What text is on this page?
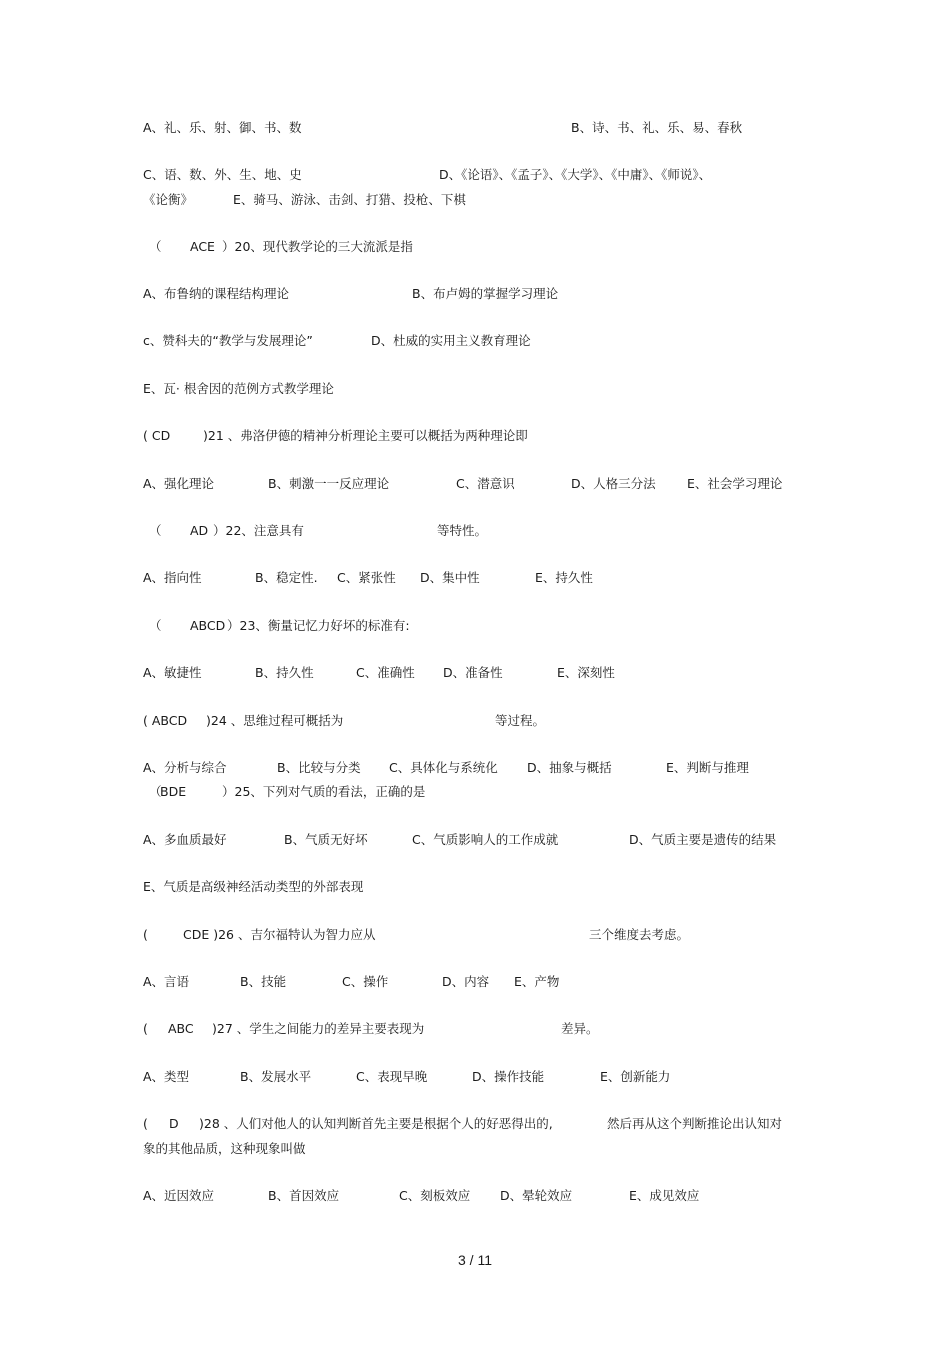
A、礼、乐、射、御、书、数	B、诗、书、礼、乐、易、春秋
C、语、数、外、生、地、史	D、《论语》、《孟子》、《大学》、《中庸》、《师说》、
《论衡》	E、骑马、游泳、击剑、打猎、投枪、下棋
（ ACE ）20、现代教学论的三大流派是指
A、布鲁纳的课程结构理论	B、布卢姆的掌握学习理论
c、赞科夫的“教学与发展理论”	D、杜威的实用主义教育理论
E、瓦· 根舍因的范例方式教学理论
( CD	)21 、弗洛伊德的精神分析理论主要可以概括为两种理论即
A、强化理论	B、刺激一一反应理论	C、潜意识	D、人格三分法	E、社会学习理论
（ AD ）22、注意具有	等特性。
A、指向性	B、稳定性. C、紧张性 D、集中性	E、持久性
（ ABCD ）23、衡量记忆力好坏的标准有:
A、敏捷性	B、持久性	C、准确性 D、准备性	E、深刻性
( ABCD )24 、思维过程可概括为	等过程。
A、分析与综合	B、比较与分类 C、具体化与系统化 D、抽象与概括	E、判断与推理
（
BDE	）25、下列对气质的看法，正确的是
A、多血质最好	B、气质无好坏	C、气质影响人的工作成就	D、气质主要是遗传的结果
E、气质是高级神经活动类型的外部表现
(	CDE )26 、吉尔福特认为智力应从	三个维度去考虑。
A、言语	B、技能	C、操作	D、内容 E、产物
( ABC )27 、学生之间能力的差异主要表现为	差异。
A、类型	B、发展水平	C、表现早晚	D、操作技能	E、创新能力
( D )28 、人们对他人的认知判断首先主要是根据个人的好恶得出的,	然后再从这个判断推论出认知对
象的其他品质，这种现象叫做
A、近因效应	B、首因效应	C、刻板效应 D、晕轮效应	E、成见效应
3 / 11
